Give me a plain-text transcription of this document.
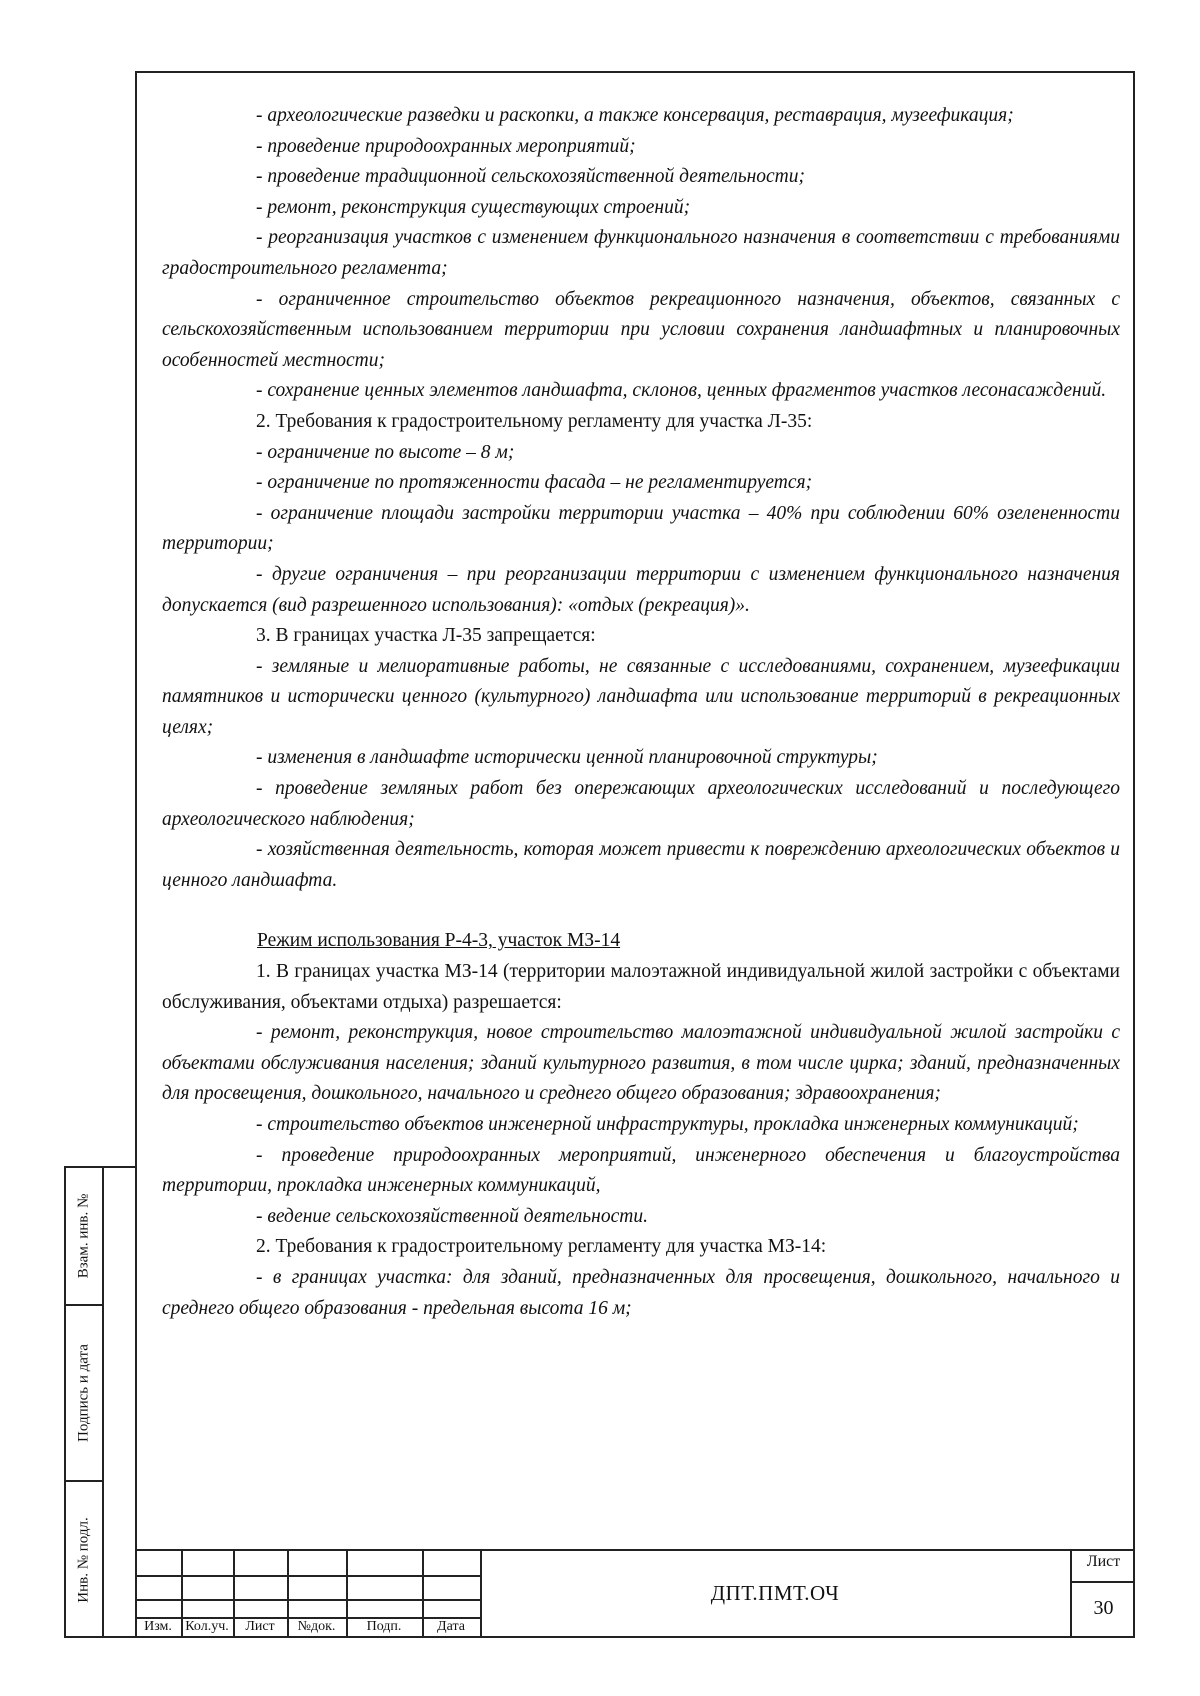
- археологические разведки и раскопки, а также консервация, реставрация, музеефикация;

- проведение природоохранных мероприятий;

- проведение традиционной сельскохозяйственной деятельности;

- ремонт, реконструкция существующих строений;

- реорганизация участков с изменением функционального назначения в соответствии с требованиями градостроительного регламента;

- ограниченное строительство объектов рекреационного назначения, объектов, связанных с сельскохозяйственным использованием территории при условии сохранения ландшафтных и планировочных особенностей местности;

- сохранение ценных элементов ландшафта, склонов, ценных фрагментов участков лесонасаждений.

2. Требования к градостроительному регламенту для участка Л-35:

- ограничение по высоте – 8 м;

- ограничение по протяженности фасада – не регламентируется;

- ограничение площади застройки территории участка – 40% при соблюдении 60% озелененности территории;

- другие ограничения – при реорганизации территории с изменением функционального назначения допускается (вид разрешенного использования): «отдых (рекреация)».

3. В границах участка Л-35 запрещается:

- земляные и мелиоративные работы, не связанные с исследованиями, сохранением, музеефикации памятников и исторически ценного (культурного) ландшафта или использование территорий в рекреационных целях;

- изменения в ландшафте исторически ценной планировочной структуры;

- проведение земляных работ без опережающих археологических исследований и последующего археологического наблюдения;

- хозяйственная деятельность, которая может привести к повреждению археологических объектов и ценного ландшафта.

Режим использования Р-4-3, участок МЗ-14

1. В границах участка МЗ-14 (территории малоэтажной индивидуальной жилой застройки с объектами обслуживания, объектами отдыха) разрешается:

- ремонт, реконструкция, новое строительство малоэтажной индивидуальной жилой застройки с объектами обслуживания населения; зданий культурного развития, в том числе цирка; зданий, предназначенных для просвещения, дошкольного, начального и среднего общего образования; здравоохранения;

- строительство объектов инженерной инфраструктуры, прокладка инженерных коммуникаций;

- проведение природоохранных мероприятий, инженерного обеспечения и благоустройства территории, прокладка инженерных коммуникаций,

- ведение сельскохозяйственной деятельности.

2. Требования к градостроительному регламенту для участка МЗ-14:

- в границах участка: для зданий, предназначенных для просвещения, дошкольного, начального и среднего общего образования - предельная высота 16 м;

Взам. инв. №
Подпись и дата
Инв. № подл.
Изм. Кол.уч.	Лист	№док.	Подп.	Дата
ДПТ.ПМТ.ОЧ
Лист
30
